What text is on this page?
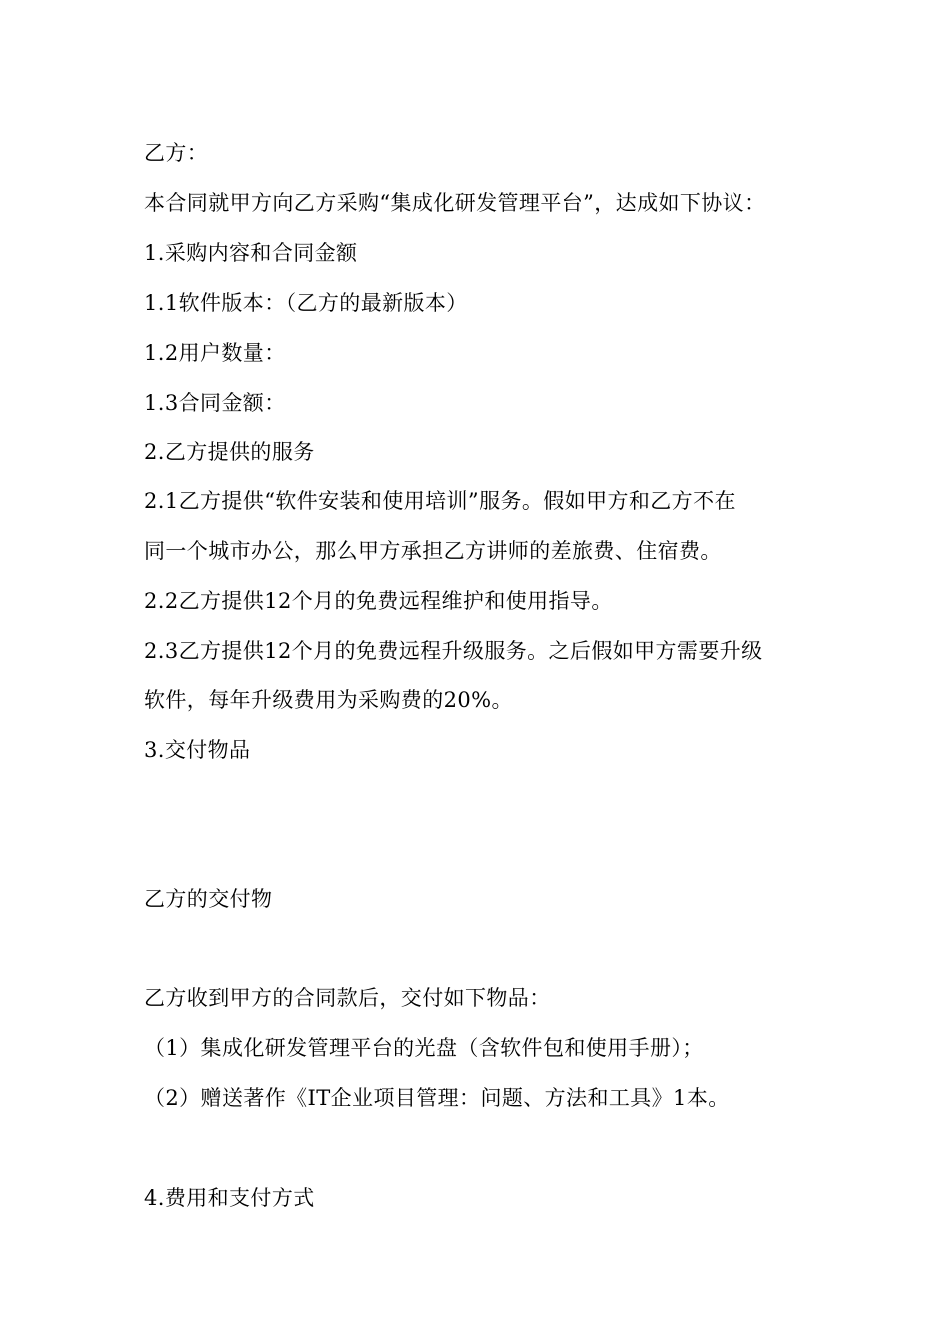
乙方：
本合同就甲方向乙方采购“集成化研发管理平台”，达成如下协议：
1.采购内容和合同金额
1.1软件版本：（乙方的最新版本）
1.2用户数量：
1.3合同金额：
2.乙方提供的服务
2.1乙方提供“软件安装和使用培训”服务。假如甲方和乙方不在
同一个城市办公，那么甲方承担乙方讲师的差旅费、住宿费。
2.2乙方提供12个月的免费远程维护和使用指导。
2.3乙方提供12个月的免费远程升级服务。之后假如甲方需要升级
软件，每年升级费用为采购费的20%。
3.交付物品
乙方的交付物
乙方收到甲方的合同款后，交付如下物品：
（1）集成化研发管理平台的光盘（含软件包和使用手册）；
（2）赠送著作《IT企业项目管理：问题、方法和工具》1本。
4.费用和支付方式
